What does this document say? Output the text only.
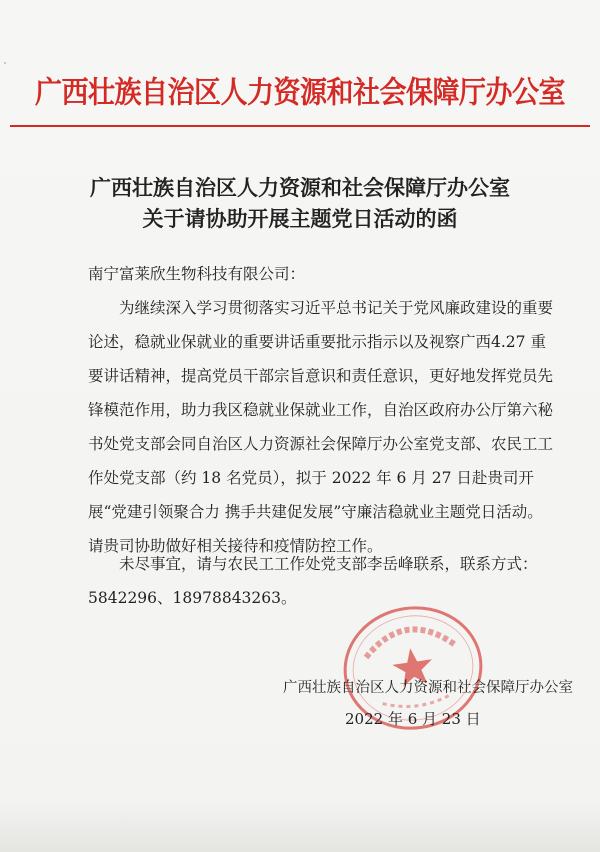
广西壮族自治区人力资源和社会保障厅办公室
广西壮族自治区人力资源和社会保障厅办公室
关于请协助开展主题党日活动的函
南宁富莱欣生物科技有限公司：
为继续深入学习贯彻落实习近平总书记关于党风廉政建设的重要论述，稳就业保就业的重要讲话重要批示指示以及视察广西4.27 重要讲话精神，提高党员干部宗旨意识和责任意识，更好地发挥党员先锋模范作用，助力我区稳就业保就业工作，自治区政府办公厅第六秘书处党支部会同自治区人力资源社会保障厅办公室党支部、农民工工作处党支部（约 18 名党员），拟于 2022 年 6 月 27 日赴贵司开展“党建引领聚合力 携手共建促发展”守廉洁稳就业主题党日活动。请贵司协助做好相关接待和疫情防控工作。
未尽事宜，请与农民工工作处党支部李岳峰联系，联系方式：5842296、18978843263。
广西壮族自治区人力资源和社会保障厅办公室
2022 年 6 月 23 日
